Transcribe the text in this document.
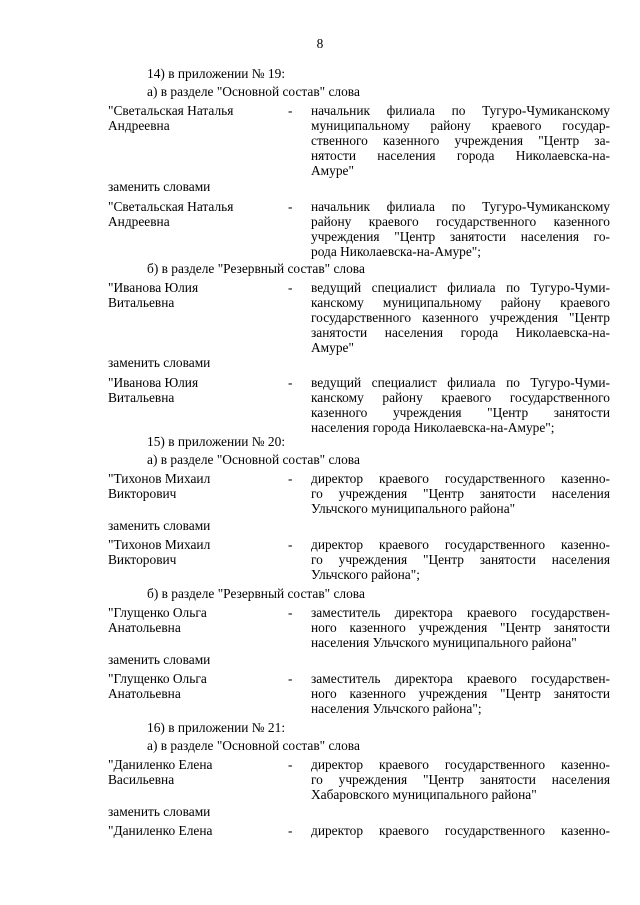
8
14) в приложении № 19:
а) в разделе "Основной состав" слова
"Светальская Наталья
Андреевна
- начальник филиала по Тугуро-Чумиканскому
муниципальному району краевого государ-
ственного казенного учреждения "Центр за-
нятости населения города Николаевска-на-
Амуре"
заменить словами
"Светальская Наталья
Андреевна
- начальник филиала по Тугуро-Чумиканскому
району краевого государственного казенного
учреждения "Центр занятости населения го-
рода Николаевска-на-Амуре";
б) в разделе "Резервный состав" слова
"Иванова Юлия
Витальевна
- ведущий специалист филиала по Тугуро-Чуми-
канскому муниципальному району краевого
государственного казенного учреждения "Центр
занятости населения города Николаевска-на-
Амуре"
заменить словами
"Иванова Юлия
Витальевна
- ведущий специалист филиала по Тугуро-Чуми-
канскому району краевого государственного
казенного учреждения "Центр занятости
населения города Николаевска-на-Амуре";
15) в приложении № 20:
а) в разделе "Основной состав" слова
"Тихонов Михаил
Викторович
- директор краевого государственного казенно-
го учреждения "Центр занятости населения
Ульчского муниципального района"
заменить словами
"Тихонов Михаил
Викторович
- директор краевого государственного казенно-
го учреждения "Центр занятости населения
Ульчского района";
б) в разделе "Резервный состав" слова
"Глущенко Ольга
Анатольевна
- заместитель директора краевого государствен-
ного казенного учреждения "Центр занятости
населения Ульчского муниципального района"
заменить словами
"Глущенко Ольга
Анатольевна
- заместитель директора краевого государствен-
ного казенного учреждения "Центр занятости
населения Ульчского района";
16) в приложении № 21:
а) в разделе "Основной состав" слова
"Даниленко Елена
Васильевна
- директор краевого государственного казенно-
го учреждения "Центр занятости населения
Хабаровского муниципального района"
заменить словами
"Даниленко Елена	- директор краевого государственного казенно-
